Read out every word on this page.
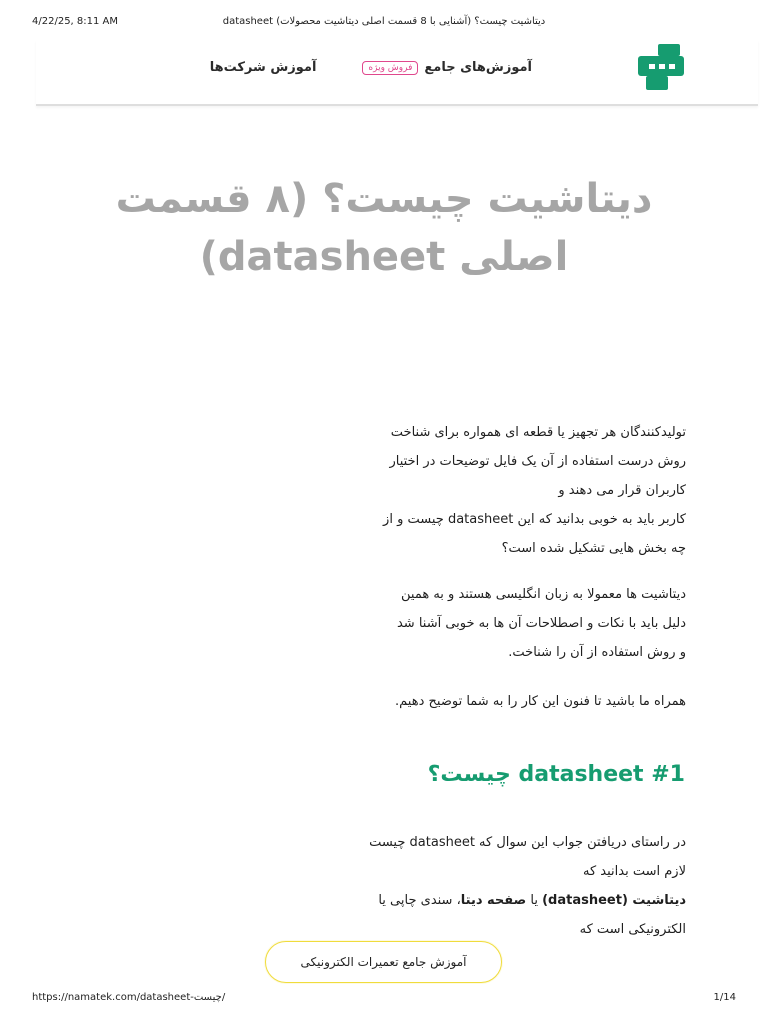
4/22/25, 8:11 AM	دیتاشیت چیست؟ (آشنایی با 8 قسمت اصلی دیتاشیت محصولات) datasheet
آموزش‌های جامع
فروش ویژه
آموزش شرکت‌ها
دیتاشیت چیست؟ (۸ قسمت
اصلی datasheet)

تولیدکنندگان هر تجهیز یا قطعه ای همواره برای شناخت

روش درست استفاده از آن یک فایل توضیحات در اختیار

کاربران قرار می دهند و

کاربر باید به خوبی بدانید که این datasheet چیست و از

چه بخش هایی تشکیل شده است؟

دیتاشیت ها معمولا به زبان انگلیسی هستند و به همین

دلیل باید با نکات و اصطلاحات آن ها به خوبی آشنا شد

و روش استفاده از آن را شناخت.

همراه ما باشید تا فنون این کار را به شما توضیح دهیم.

#1 datasheet چیست؟

در راستای دریافتن جواب این سوال که datasheet چیست

لازم است بدانید که

دیتاشیت (datasheet) یا صفحه دیتا، سندی چاپی یا

الکترونیکی است که

آموزش جامع تعمیرات الکترونیکی
https://namatek.com/datasheet-چیست/	1/14
